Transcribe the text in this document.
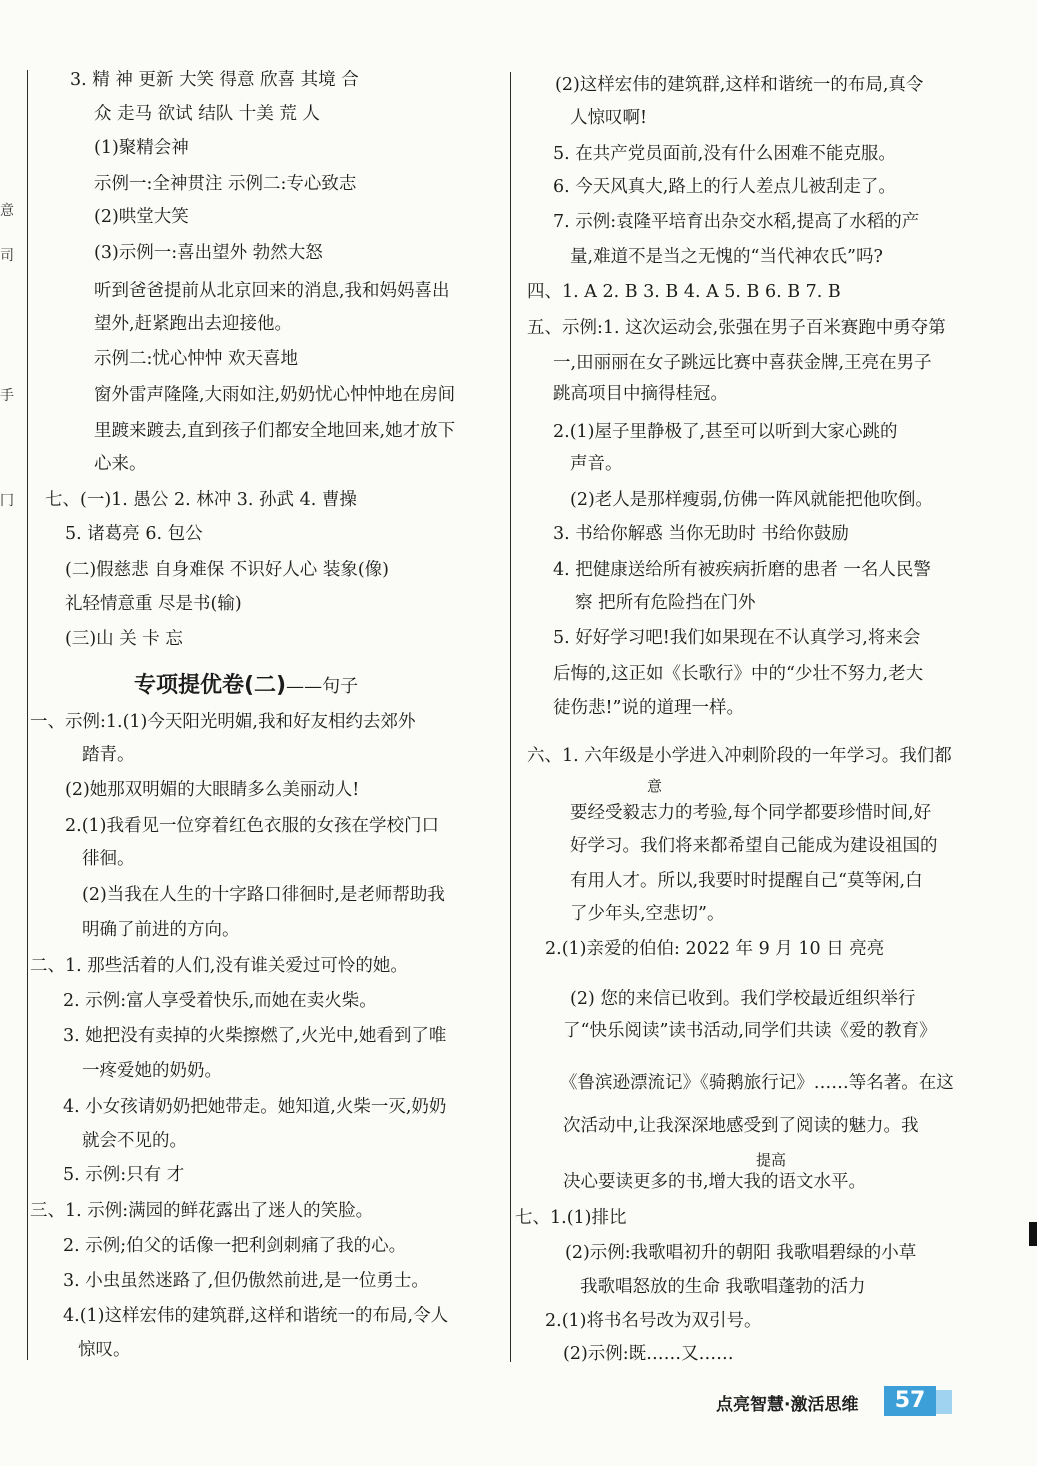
意
司
手
冂
3. 精 神 更新 大笑 得意 欣喜 其境 合
众 走马 欲试 结队 十美 荒 人
(1)聚精会神
示例一:全神贯注 示例二:专心致志
(2)哄堂大笑
(3)示例一:喜出望外 勃然大怒
听到爸爸提前从北京回来的消息,我和妈妈喜出
望外,赶紧跑出去迎接他。
示例二:忧心忡忡 欢天喜地
窗外雷声隆隆,大雨如注,奶奶忧心忡忡地在房间
里踱来踱去,直到孩子们都安全地回来,她才放下
心来。
七、(一)1. 愚公 2. 林冲 3. 孙武 4. 曹操
5. 诸葛亮 6. 包公
(二)假慈悲 自身难保 不识好人心 装象(像)
礼轻情意重 尽是书(输)
(三)山 关 卡 忘
一、示例:1.(1)今天阳光明媚,我和好友相约去郊外
踏青。
(2)她那双明媚的大眼睛多么美丽动人!
2.(1)我看见一位穿着红色衣服的女孩在学校门口
徘徊。
(2)当我在人生的十字路口徘徊时,是老师帮助我
明确了前进的方向。
二、1. 那些活着的人们,没有谁关爱过可怜的她。
2. 示例:富人享受着快乐,而她在卖火柴。
3. 她把没有卖掉的火柴擦燃了,火光中,她看到了唯
一疼爱她的奶奶。
4. 小女孩请奶奶把她带走。她知道,火柴一灭,奶奶
就会不见的。
5. 示例:只有 才
三、1. 示例:满园的鲜花露出了迷人的笑脸。
2. 示例;伯父的话像一把利剑刺痛了我的心。
3. 小虫虽然迷路了,但仍傲然前进,是一位勇士。
4.(1)这样宏伟的建筑群,这样和谐统一的布局,令人
惊叹。
专项提优卷(二)——句子
(2)这样宏伟的建筑群,这样和谐统一的布局,真令
人惊叹啊!
5. 在共产党员面前,没有什么困难不能克服。
6. 今天风真大,路上的行人差点儿被刮走了。
7. 示例:袁隆平培育出杂交水稻,提高了水稻的产
量,难道不是当之无愧的“当代神农氏”吗?
四、1. A 2. B 3. B 4. A 5. B 6. B 7. B
五、示例:1. 这次运动会,张强在男子百米赛跑中勇夺第
一,田丽丽在女子跳远比赛中喜获金牌,王亮在男子
跳高项目中摘得桂冠。
2.(1)屋子里静极了,甚至可以听到大家心跳的
声音。
(2)老人是那样瘦弱,仿佛一阵风就能把他吹倒。
3. 书给你解惑 当你无助时 书给你鼓励
4. 把健康送给所有被疾病折磨的患者 一名人民警
察 把所有危险挡在门外
5. 好好学习吧!我们如果现在不认真学习,将来会
后悔的,这正如《长歌行》中的“少壮不努力,老大
徒伤悲!”说的道理一样。
六、1. 六年级是小学进入冲刺阶段的一年学习。我们都
意
要经受毅志力的考验,每个同学都要珍惜时间,好
好学习。我们将来都希望自己能成为建设祖国的
有用人才。所以,我要时时提醒自己“莫等闲,白
了少年头,空悲切”。
2.(1)亲爱的伯伯: 2022 年 9 月 10 日 亮亮
(2) 您的来信已收到。我们学校最近组织举行
了“快乐阅读”读书活动,同学们共读《爱的教育》
《鲁滨逊漂流记》《骑鹅旅行记》……等名著。在这
次活动中,让我深深地感受到了阅读的魅力。我
提高
决心要读更多的书,增大我的语文水平。
七、1.(1)排比
(2)示例:我歌唱初升的朝阳 我歌唱碧绿的小草
我歌唱怒放的生命 我歌唱蓬勃的活力
2.(1)将书名号改为双引号。
(2)示例:既……又……
点亮智慧·激活思维	57
